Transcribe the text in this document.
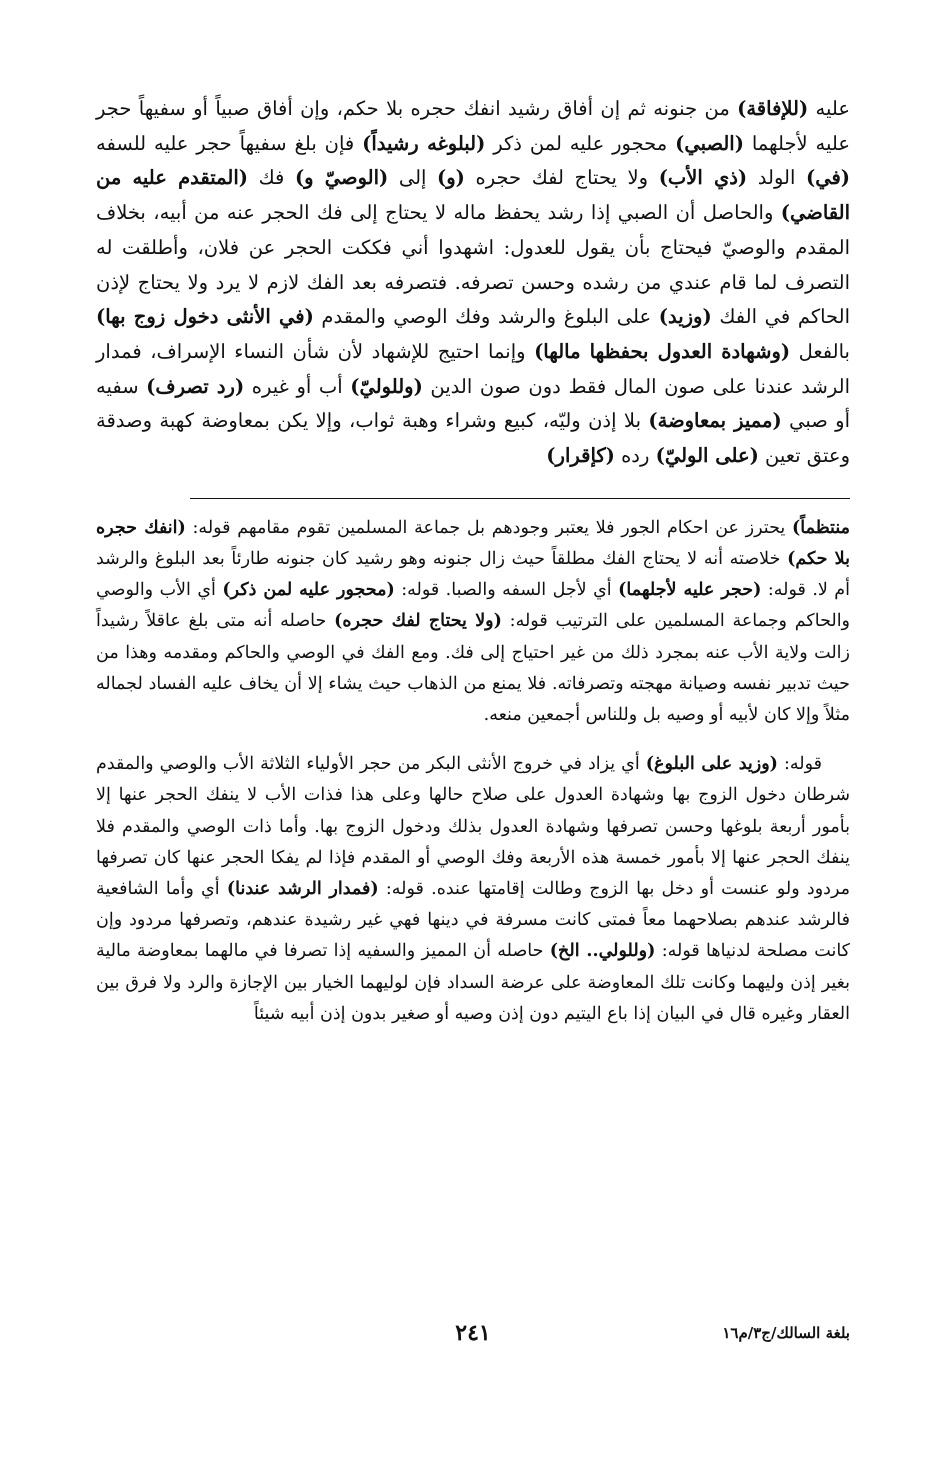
عليه (للإفاقة) من جنونه ثم إن أفاق رشيد انفك حجره بلا حكم، وإن أفاق صبياً أو سفيهاً حجر عليه لأجلهما (الصبي) محجور عليه لمن ذكر (لبلوغه رشيداً) فإن بلغ سفيهاً حجر عليه للسفه (في) الولد (ذي الأب) ولا يحتاج لفك حجره (و) إلى (الوصيّ و) فك (المتقدم عليه من القاضي) والحاصل أن الصبي إذا رشد يحفظ ماله لا يحتاج إلى فك الحجر عنه من أبيه، بخلاف المقدم والوصيّ فيحتاج بأن يقول للعدول: اشهدوا أني فككت الحجر عن فلان، وأطلقت له التصرف لما قام عندي من رشده وحسن تصرفه. فتصرفه بعد الفك لازم لا يرد ولا يحتاج لإذن الحاكم في الفك (وزيد) على البلوغ والرشد وفك الوصي والمقدم (في الأنثى دخول زوج بها) بالفعل (وشهادة العدول بحفظها مالها) وإنما احتيج للإشهاد لأن شأن النساء الإسراف، فمدار الرشد عندنا على صون المال فقط دون صون الدين (وللوليّ) أب أو غيره (رد تصرف) سفيه أو صبي (مميز بمعاوضة) بلا إذن وليّه، كبيع وشراء وهبة ثواب، وإلا يكن بمعاوضة كهبة وصدقة وعتق تعين (على الوليّ) رده (كإقرار)

منتظماً) يحترز عن احكام الجور فلا يعتبر وجودهم بل جماعة المسلمين تقوم مقامهم قوله: (انفك حجره بلا حكم) خلاصته أنه لا يحتاج الفك مطلقاً حيث زال جنونه وهو رشيد كان جنونه طارئاً بعد البلوغ والرشد أم لا. قوله: (حجر عليه لأجلهما) أي لأجل السفه والصبا. قوله: (محجور عليه لمن ذكر) أي الأب والوصي والحاكم وجماعة المسلمين على الترتيب قوله: (ولا يحتاج لفك حجره) حاصله أنه متى بلغ عاقلاً رشيداً زالت ولاية الأب عنه بمجرد ذلك من غير احتياج إلى فك. ومع الفك في الوصي والحاكم ومقدمه وهذا من حيث تدبير نفسه وصيانة مهجته وتصرفاته. فلا يمنع من الذهاب حيث يشاء إلا أن يخاف عليه الفساد لجماله مثلاً وإلا كان لأبيه أو وصيه بل وللناس أجمعين منعه.

قوله: (وزيد على البلوغ) أي يزاد في خروج الأنثى البكر من حجر الأولياء الثلاثة الأب والوصي والمقدم شرطان دخول الزوج بها وشهادة العدول على صلاح حالها وعلى هذا فذات الأب لا ينفك الحجر عنها إلا بأمور أربعة بلوغها وحسن تصرفها وشهادة العدول بذلك ودخول الزوج بها. وأما ذات الوصي والمقدم فلا ينفك الحجر عنها إلا بأمور خمسة هذه الأربعة وفك الوصي أو المقدم فإذا لم يفكا الحجر عنها كان تصرفها مردود ولو عنست أو دخل بها الزوج وطالت إقامتها عنده. قوله: (فمدار الرشد عندنا) أي وأما الشافعية فالرشد عندهم بصلاحهما معاً فمتى كانت مسرفة في دينها فهي غير رشيدة عندهم، وتصرفها مردود وإن كانت مصلحة لدنياها قوله: (وللولي.. الخ) حاصله أن المميز والسفيه إذا تصرفا في مالهما بمعاوضة مالية بغير إذن وليهما وكانت تلك المعاوضة على عرضة السداد فإن لوليهما الخيار بين الإجازة والرد ولا فرق بين العقار وغيره قال في البيان إذا باع اليتيم دون إذن وصيه أو صغير بدون إذن أبيه شيئاً

٢٤١	بلغة السالك/ج٣/م١٦
